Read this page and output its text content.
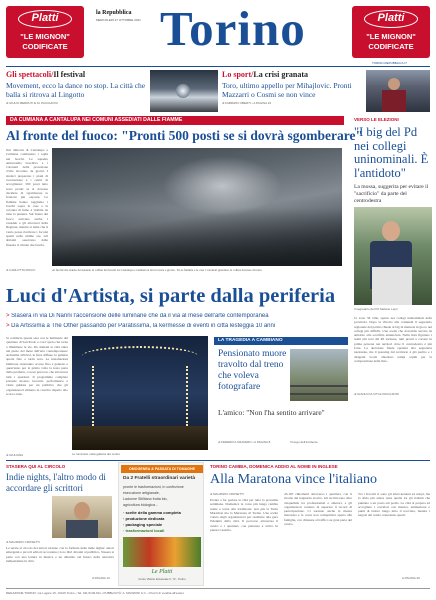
Platti
"LE MIGNON"
CODIFICATE
la Repubblica
MERCOLEDÌ 27 OTTOBRE 2021 Torino	Platti
"LE MIGNON"
CODIFICATE
TORINO.REPUBBLICA.IT
Gli spettacoli/Il festival
Movement, ecco la dance no stop. La città che balla si ritrova al Lingotto
di GIULIO BERRUTI E M. PACCHIONI
Lo sport/La crisi granata
Toro, ultimo appello per Mihajlovic. Pronti Mazzarri o Cosmi se non vince
di FABRIZIO OBERTI • A PAGINA 22
DA CUMIANA A CANTALUPA NEI COMUNI ASSEDIATI DALLE FIAMME
Al fronte del fuoco: "Pronti 500 posti se si dovrà sgomberare"
Nei dintorni di Cantalupa e Cumiana continuano i roghi nei boschi. Le squadre antincendio boschivo e i volontari della protezione civile lavorano da giorni. I sindaci preparano i piani di evacuazione e i centri di accoglienza: 500 posti letto sono pronti se si dovesse decidere di sgomberare le frazioni più esposte. Le fiamme hanno raggiunto i boschi sopra le case e la colonna di fumo è visibile da tutta la pianura. Sul fronte del fuoco arrivano anche i canadair e gli elicotteri della Regione, mentre si teme che il vento possa riattivare i focolai spenti nelle ultime ore. Gli abitanti osservano dalle finestre il crinale che brucia.
di CARLOTTA ROCCI	Ai fuochi che stanno devastando le colline dei boschi tra Cantalupa e Cumiana si lavora notte e giorno. Tra le fiamme e le case i volontari guardano la collina bruciare di notte.
VERSO LE ELEZIONI
"I big del Pd nei collegi uninominali. È l'antidoto"
La mossa, suggerita per evitare il "sacrificio" da parte del centrodestra
Il segretario del Pd Stefano Lepri
Ci sono 36 ville, sparse nei collegi uninominali della provincia. Dopo la vittoria alle comunali il segretario regionale del partito chiede ai big di mettersi in gioco nei collegi più difficili. Una scelta che dovrebbe servire da antidoto alla sconfitta annunciata. Nella lista figurano i nomi più noti del Pd torinese, tutti pronti a correre in prima persona nei territori dove il centrodestra è più forte. La decisione finale spetterà alla segreteria nazionale, ma il pressing dal territorio è già partito e i dirigenti locali chiedono tempi rapidi per la composizione delle liste.
di GIANLUCA VITI E PACCHIONI
Luci d'Artista, si parte dalla periferia
> Slasera in via Di Nanni l'accensione delle luminarie che dà il via al mese dell'arte contemporanea
> Da Artissima a The Other passando per Paratissima, la kermesse di eventi in città lesteggia 10 anni
Si comincia questa sera con le luminarie del quartiere di San Paolo e con l'opera che torna a illuminare le vie. Da domani la città entra nel pieno del mese dell'arte contemporanea: Artissima all'Oval, le fiere diffuse, le gallerie aperte fino a tarda sera. Le installazioni luminose resteranno accese fino a gennaio e quest'anno per la prima volta la festa parte dalla periferia, con un percorso che attraversa tutti i quartieri. Il programma completo prevede mostre, incontri, performance e visite guidate per un pubblico che gli organizzatori stimano in crescita rispetto allo scorso anno.
di GIULIANA	Le luminarie nella galleria del centro
LA TRAGEDIA A CAMBIANO
Pensionato muore travolto dal treno che voleva fotografare
L'amico: "Non l'ha sentito arrivare"
di FEDERICA CRAVERO • A PAGINA 8	Il luogo dell'incidente
STASERA QUI AL CIRCOLO
Indie nights, l'altro modo di accordare gli scrittori
di MAURIZIO CROSETTI
Le serate al circolo dei lettori tornano con la formula delle indie nights: autori emergenti e piccoli editori raccontano i loro libri davanti al pubblico. Stasera si parte con una lettura in musica e un dibattito sul futuro della narrativa indipendente in città.
A PAGINA 13
OMOGENEA & PASSATA DI TOMAGHE
Da 2 Fratelli straordinari varietà
pronte le trasformazioni, in confezione
esecuzione artigianale,
Ladonne Stillitano frutta bio,
agricoltura biologica...
· scelte della gamma completa
· produzione dedicata
· packaging speciale
· trasformazioni locali
Le Platti
Corso Vittorio Emanuele II, 72 - Torino
TORINO CAMBIA, DOMENICA ADDIO AL NOME IN INGLESE
Alla Maratona vince l'italiano
di MAURIZIO CROSETTI
Pronta a far parlare la città per tutta la prossima settimana. Domenica la corsa più lunga cambia nome e torna alla tradizione: non più la Turin Marathon ma la Maratona di Torino. Una scelta voluta dagli organizzatori per restituire alla gara l'identità della città. Il percorso attraversa il centro e i quartieri, con partenza e arrivo in piazza Castello.
43.195 chilometri attraverso i quartieri, con il ritorno del traguardo storico. Gli iscritti sono oltre cinquemila tra professionisti e amatori, e gli organizzatori contano di superare il record di partecipazione. Ci saranno anche la mezza maratona e la corsa non competitiva aperta alle famiglie, con chiusure al traffico su gran parte del centro.
Tra i favoriti ci sono gli atleti keniani ed etiopi, ma la sfida più attesa resta quella tra gli italiani che puntano a un posto sul podio. La città si prepara ad accogliere i corridori con musica, animazione e punti di ristoro lungo tutto il tracciato, mentre i negozi del centro resteranno aperti.
A PAGINA 20
REDAZIONE TORINO: via Lugaro 15, 10126 Torino • Tel. 011.5149.611 • PUBBLICITÀ: A. MANZONI & C. • Prezzi di vendita all'estero
